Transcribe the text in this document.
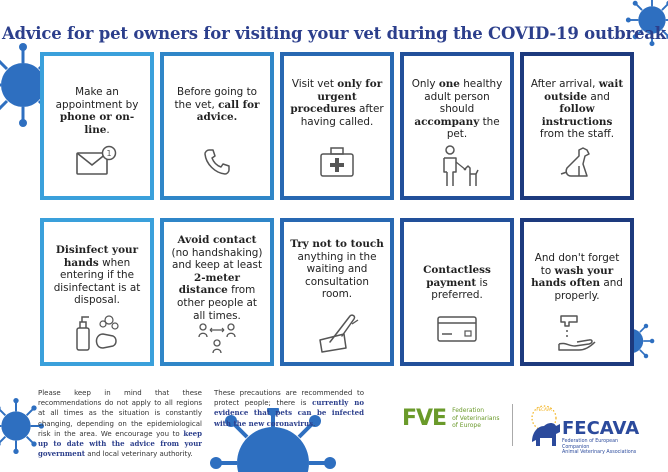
Advice for pet owners for visiting your vet during the COVID-19 outbreak
Make an appointment by phone or on-line.
1
Before going to the vet, call for advice.
Visit vet only for urgent procedures after having called.
Only one healthy adult person should accompany the pet.
After arrival, wait outside and follow instructions from the staff.
Disinfect your hands when entering if the disinfectant is at disposal.
Avoid contact (no handshaking) and keep at least 2-meter distance from other people at all times.
Try not to touch anything in the waiting and consultation room.
Contactless payment is preferred.
And don't forget to wash your hands often and properly.
Please keep in mind that these recommendations do not apply to all regions at all times as the situation is constantly changing, depending on the epidemiological risk in the area. We encourage you to keep up to date with the advice from your government and local veterinary authority.
These precautions are recommended to protect people; there is currently no evidence that pets can be infected with the new coronavirus.	FVE Federation
of Veterinarians
of Europe
FECAVA
FECAVA
Federation of European Companion
Animal Veterinary Associations
